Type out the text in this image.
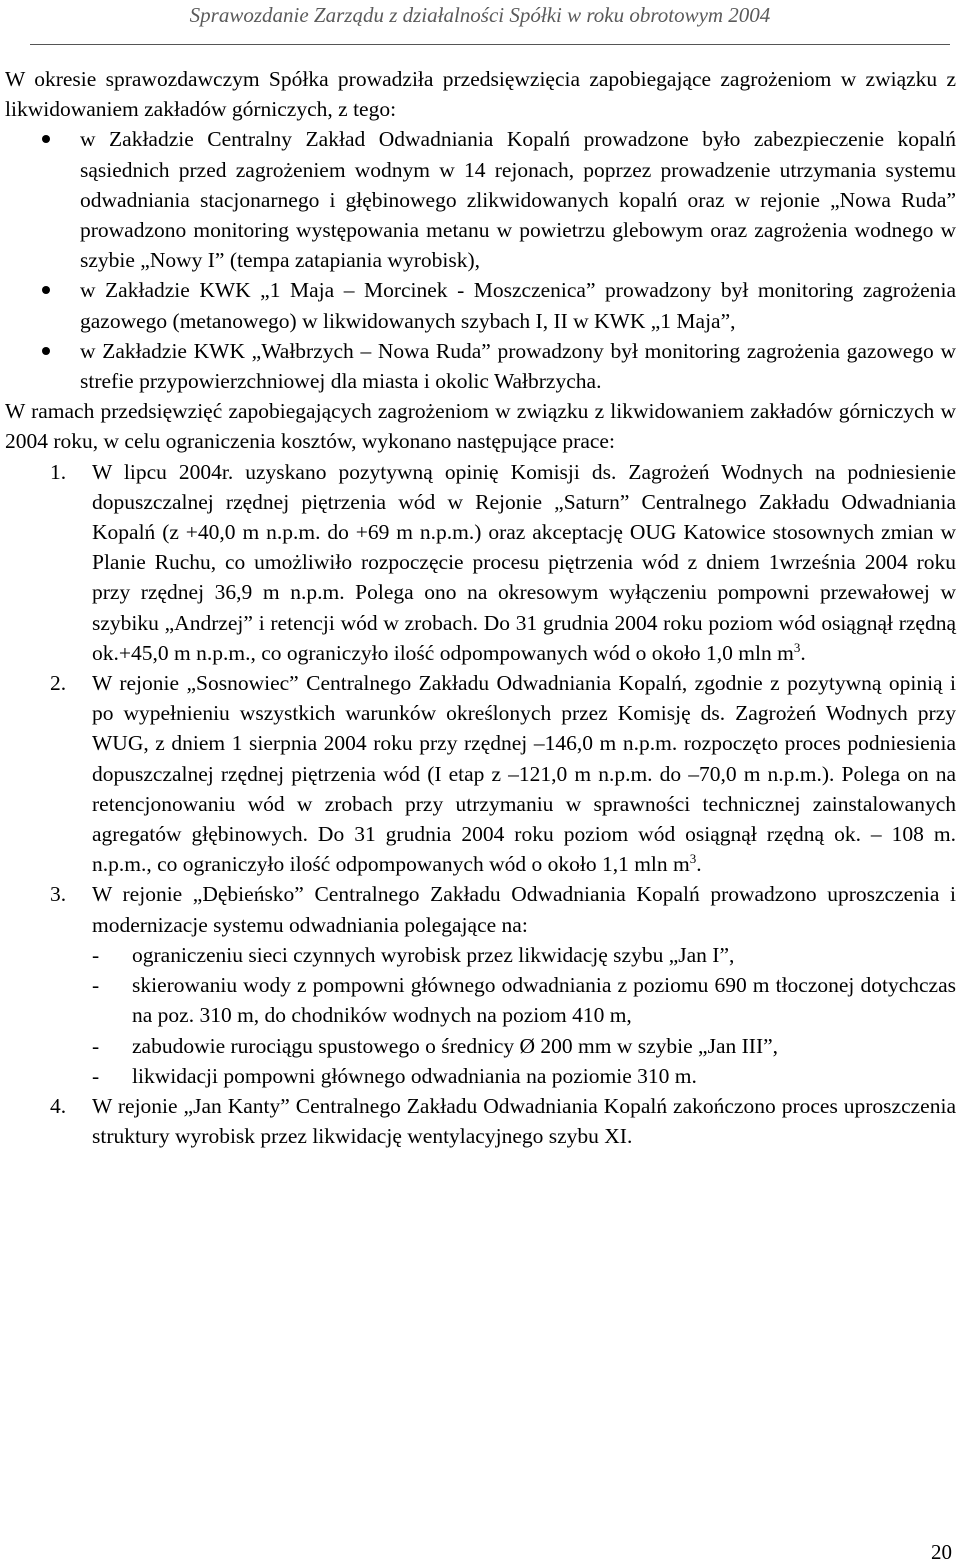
Sprawozdanie Zarządu z działalności Spółki w roku obrotowym 2004

W okresie sprawozdawczym Spółka prowadziła przedsięwzięcia zapobiegające zagrożeniom w związku z likwidowaniem zakładów górniczych, z tego:

w Zakładzie Centralny Zakład Odwadniania Kopalń prowadzone było zabezpieczenie kopalń sąsiednich przed zagrożeniem wodnym w 14 rejonach, poprzez prowadzenie utrzymania systemu odwadniania stacjonarnego i głębinowego zlikwidowanych kopalń oraz w rejonie „Nowa Ruda” prowadzono monitoring występowania metanu w powietrzu glebowym oraz zagrożenia wodnego w szybie „Nowy I” (tempa zatapiania wyrobisk),
w Zakładzie KWK „1 Maja – Morcinek - Moszczenica” prowadzony był monitoring zagrożenia gazowego (metanowego) w likwidowanych szybach I, II w KWK „1 Maja”,
w Zakładzie KWK „Wałbrzych – Nowa Ruda” prowadzony był monitoring zagrożenia gazowego w strefie przypowierzchniowej dla miasta i okolic Wałbrzycha.

W ramach przedsięwzięć zapobiegających zagrożeniom w związku z likwidowaniem zakładów górniczych w 2004 roku, w celu ograniczenia kosztów, wykonano następujące prace:

1. W lipcu 2004r. uzyskano pozytywną opinię Komisji ds. Zagrożeń Wodnych na podniesienie dopuszczalnej rzędnej piętrzenia wód w Rejonie „Saturn” Centralnego Zakładu Odwadniania Kopalń (z +40,0 m n.p.m. do +69 m n.p.m.) oraz akceptację OUG Katowice stosownych zmian w Planie Ruchu, co umożliwiło rozpoczęcie procesu piętrzenia wód z dniem 1września 2004 roku przy rzędnej 36,9 m n.p.m. Polega ono na okresowym wyłączeniu pompowni przewałowej w szybiku „Andrzej” i retencji wód w zrobach. Do 31 grudnia 2004 roku poziom wód osiągnął rzędną ok.+45,0 m n.p.m., co ograniczyło ilość odpompowanych wód o około 1,0 mln $m^3$.
2. W rejonie „Sosnowiec” Centralnego Zakładu Odwadniania Kopalń, zgodnie z pozytywną opinią i po wypełnieniu wszystkich warunków określonych przez Komisję ds. Zagrożeń Wodnych przy WUG, z dniem 1 sierpnia 2004 roku przy rzędnej –146,0 m n.p.m. rozpoczęto proces podniesienia dopuszczalnej rzędnej piętrzenia wód (I etap z –121,0 m n.p.m. do –70,0 m n.p.m.). Polega on na retencjonowaniu wód w zrobach przy utrzymaniu w sprawności technicznej zainstalowanych agregatów głębinowych. Do 31 grudnia 2004 roku poziom wód osiągnął rzędną ok. – 108 m. n.p.m., co ograniczyło ilość odpompowanych wód o około 1,1 mln $m^3$.
3. W rejonie „Dębieńsko” Centralnego Zakładu Odwadniania Kopalń prowadzono uproszczenia i modernizacje systemu odwadniania polegające na:
- ograniczeniu sieci czynnych wyrobisk przez likwidację szybu „Jan I”,
- skierowaniu wody z pompowni głównego odwadniania z poziomu 690 m tłoczonej dotychczas na poz. 310 m, do chodników wodnych na poziom 410 m,
- zabudowie rurociągu spustowego o średnicy Ø 200 mm w szybie „Jan III”,
- likwidacji pompowni głównego odwadniania na poziomie 310 m.
4. W rejonie „Jan Kanty” Centralnego Zakładu Odwadniania Kopalń zakończono proces uproszczenia struktury wyrobisk przez likwidację wentylacyjnego szybu XI.
20
